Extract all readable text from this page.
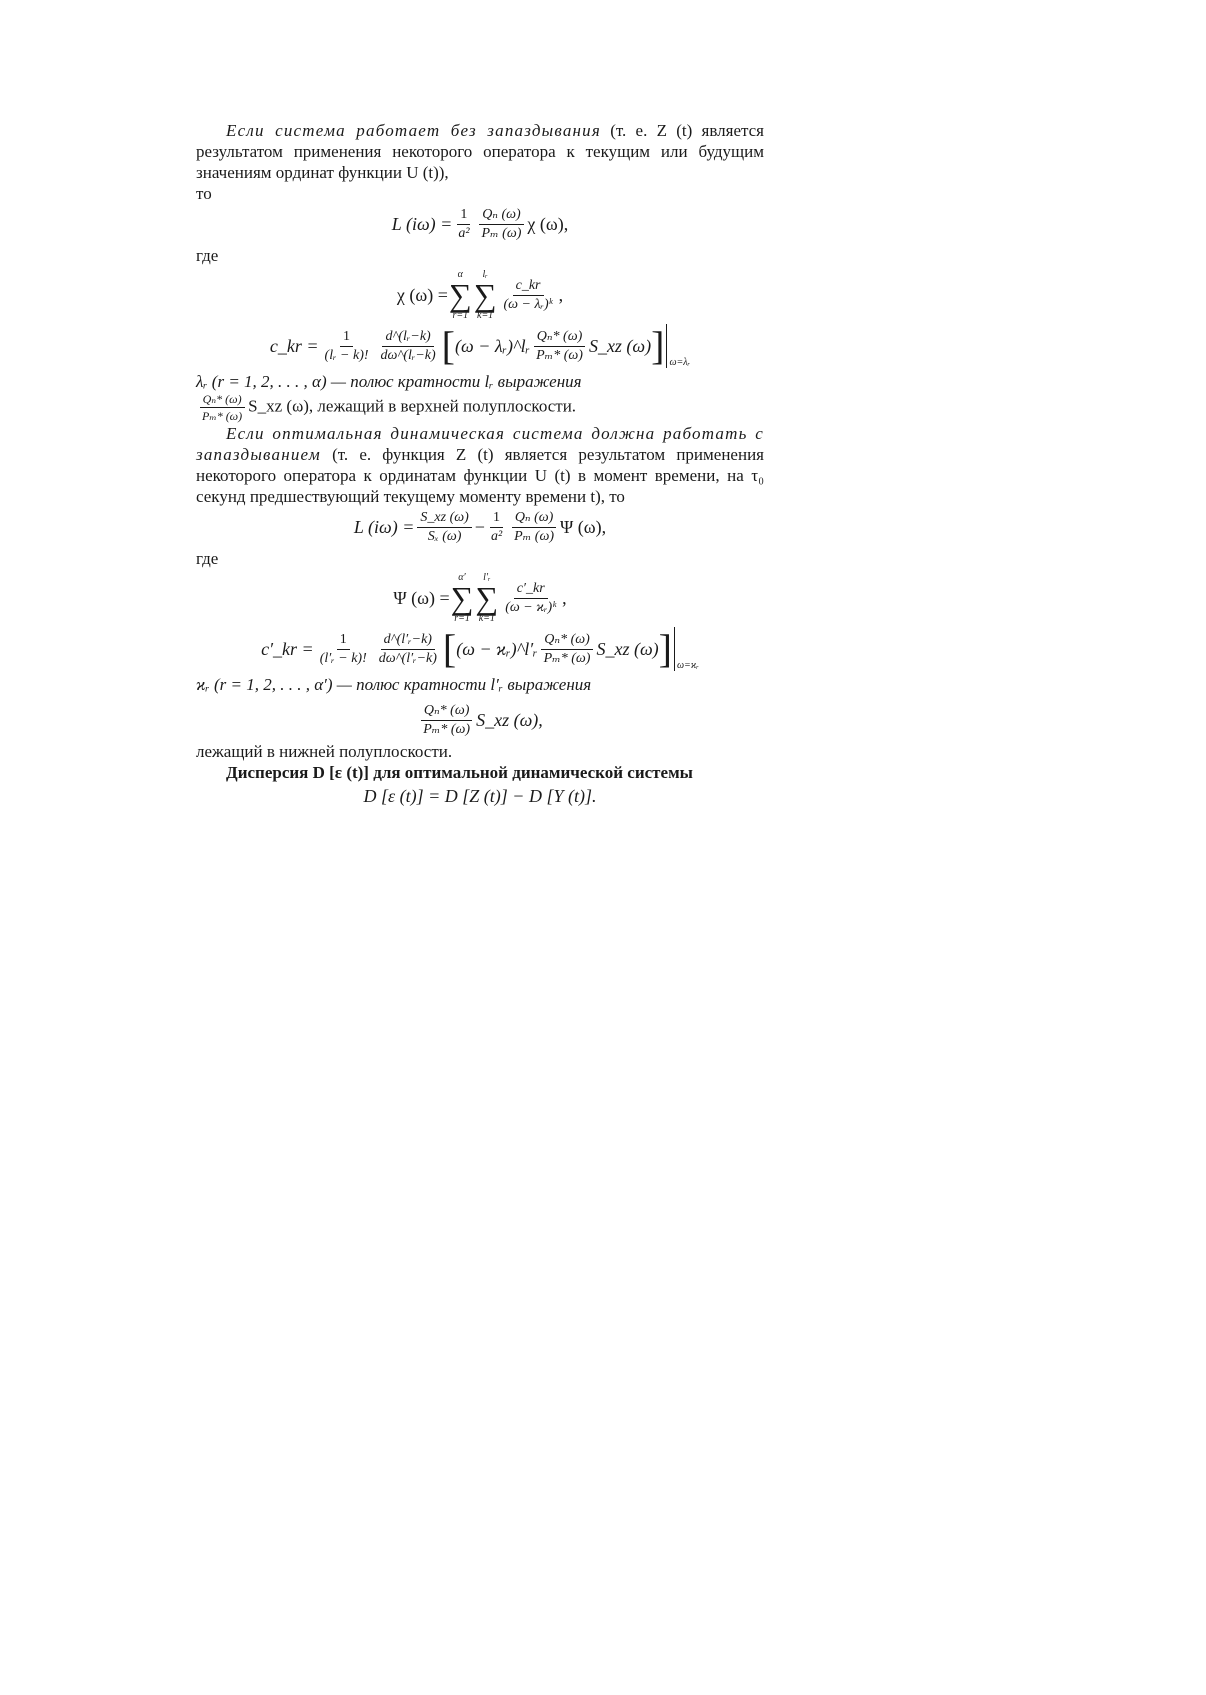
Если система работает без запаздывания (т. е. Z (t) является результатом применения некоторого оператора к текущим или будущим значениям ординат функции U (t)),

то

L $(i\omega) = \frac{1}{\text{a²}} \frac{\text{Qₙ (ω)}}{\text{Pₘ (ω)}}$ χ (ω),

где

χ (ω) =
α
∑
r=1
lᵣ
∑
k=1
$\frac{c\_kr}{\text{(ω − λᵣ)ᵏ}}$ ,
c_kr = $\frac{1}{\text{(lᵣ − k)!}} \frac{\text{d\textasciicircum{}(lᵣ−k)}}{\text{dω\textasciicircum{}(lᵣ−k)}}$ [ (ω − λᵣ)^lᵣ $\frac{\text{Qₙ* (ω)}}{\text{Pₘ* (ω)}}$ S_xz (ω) ] ω=λᵣ

λᵣ (r = 1, 2, . . . , α) — полюс кратности lᵣ выражения

$\frac{\text{Qₙ* (ω)}}{\text{Pₘ* (ω)}}$ S_xz (ω), лежащий в верхней полуплоскости.

Если оптимальная динамическая система должна работать с запаздыванием (т. е. функция Z (t) является результатом применения некоторого оператора к ординатам функции U (t) в момент времени, на τ₀ секунд предшествующий текущему моменту времени t), то

L $(i\omega) = \frac{S\_xz (\omega)}{\text{Sₓ (ω)}} - \frac{1}{\text{a²}} \frac{\text{Qₙ (ω)}}{\text{Pₘ (ω)}}$ Ψ (ω),

где

Ψ (ω) =
α′
∑
r=1
l′ᵣ
∑
k=1
$\frac{c'\_kr}{\text{(ω − ϰᵣ)ᵏ}}$ ,
c′_kr = $\frac{1}{\text{(l′ᵣ − k)!}} \frac{\text{d\textasciicircum{}(l′ᵣ−k)}}{\text{dω\textasciicircum{}(l′ᵣ−k)}}$ [ (ω − ϰᵣ)^l′ᵣ $\frac{\text{Qₙ* (ω)}}{\text{Pₘ* (ω)}}$ S_xz (ω) ] ω=ϰᵣ

ϰᵣ (r = 1, 2, . . . , α′) — полюс кратности l′ᵣ выражения

$\frac{\text{Qₙ* (ω)}}{\text{Pₘ* (ω)}}$ S_xz (ω),

лежащий в нижней полуплоскости.

Дисперсия D [ε (t)] для оптимальной динамической системы

D [ε (t)] = D [Z (t)] − D [Y (t)].
